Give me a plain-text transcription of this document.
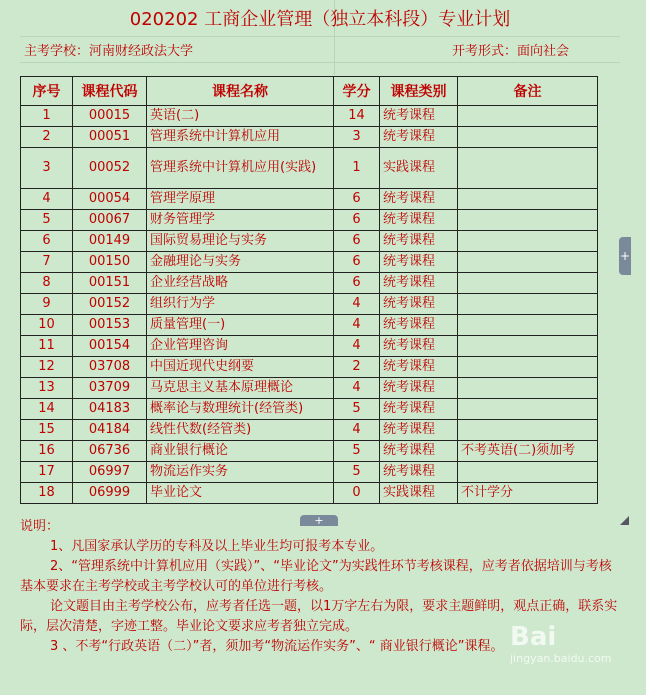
020202 工商企业管理（独立本科段）专业计划
主考学校：河南财经政法大学	开考形式：面向社会
序号	课程代码	课程名称	学分	课程类别	备注
1	00015	英语(二)	14	统考课程	
2	00051	管理系统中计算机应用	3	统考课程	
3	00052	管理系统中计算机应用(实践)	1	实践课程	
4	00054	管理学原理	6	统考课程	
5	00067	财务管理学	6	统考课程	
6	00149	国际贸易理论与实务	6	统考课程	
7	00150	金融理论与实务	6	统考课程	
8	00151	企业经营战略	6	统考课程	
9	00152	组织行为学	4	统考课程	
10	00153	质量管理(一)	4	统考课程	
11	00154	企业管理咨询	4	统考课程	
12	03708	中国近现代史纲要	2	统考课程	
13	03709	马克思主义基本原理概论	4	统考课程	
14	04183	概率论与数理统计(经管类)	5	统考课程	
15	04184	线性代数(经管类)	4	统考课程	
16	06736	商业银行概论	5	统考课程	不考英语(二)须加考
17	06997	物流运作实务	5	统考课程	
18	06999	毕业论文	0	实践课程	不计学分
+
+

说明：

1、凡国家承认学历的专科及以上毕业生均可报考本专业。

2、“管理系统中计算机应用（实践）”、“毕业论文”为实践性环节考核课程，应考者依据培训与考核基本要求在主考学校或主考学校认可的单位进行考核。

论文题目由主考学校公布，应考者任选一题，以1万字左右为限，要求主题鲜明，观点正确，联系实际，层次清楚，字迹工整。毕业论文要求应考者独立完成。

3 、不考“行政英语（二）”者，须加考“物流运作实务”、“ 商业银行概论”课程。 Bai
jingyan.baidu.com
